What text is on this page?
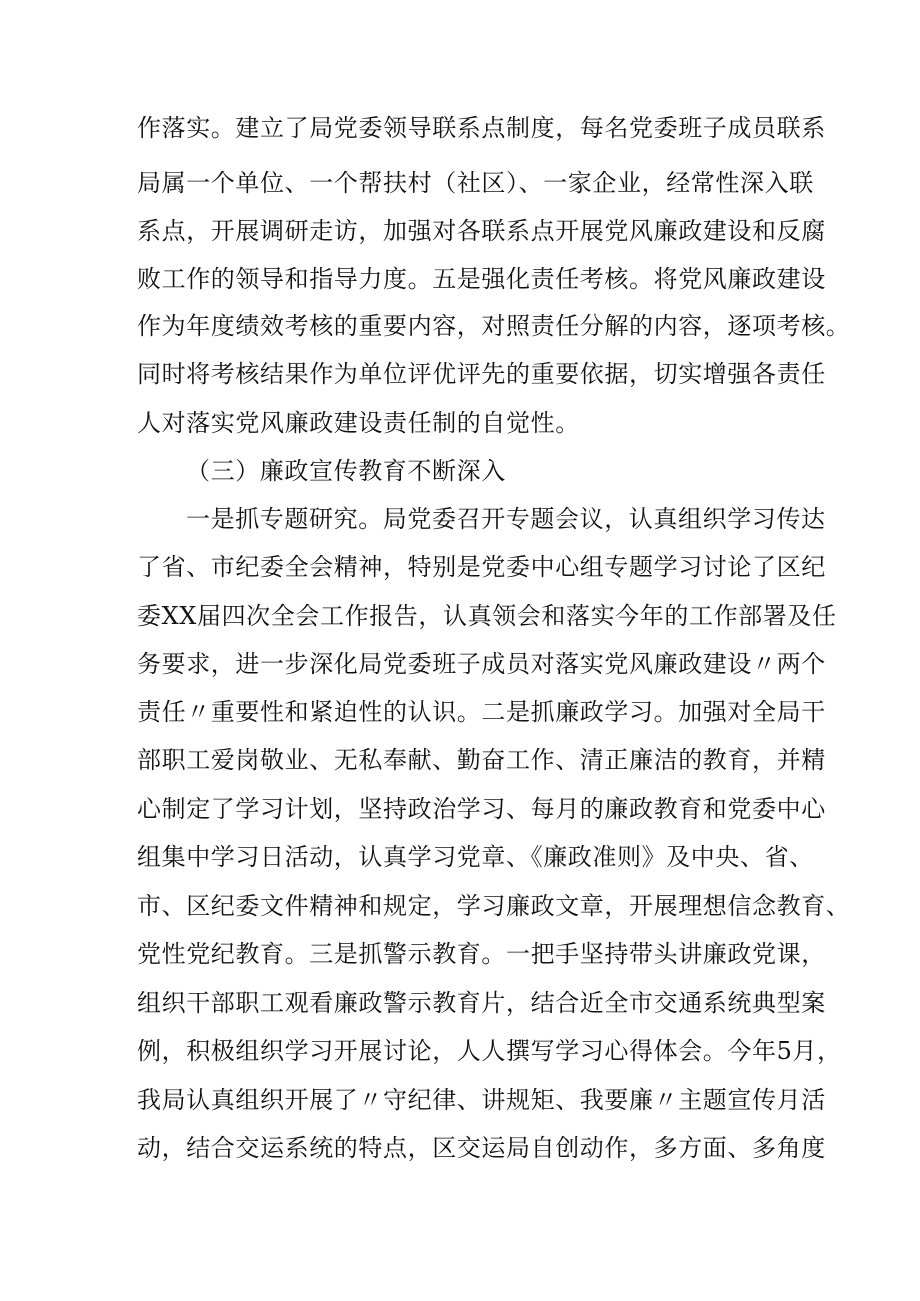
作落实。建立了局党委领导联系点制度，每名党委班子成员联系
局属一个单位、一个帮扶村（社区）、一家企业，经常性深入联
系点，开展调研走访，加强对各联系点开展党风廉政建设和反腐
败工作的领导和指导力度。五是强化责任考核。将党风廉政建设
作为年度绩效考核的重要内容，对照责任分解的内容，逐项考核。
同时将考核结果作为单位评优评先的重要依据，切实增强各责任
人对落实党风廉政建设责任制的自觉性。
（三）廉政宣传教育不断深入
一是抓专题研究。局党委召开专题会议，认真组织学习传达
了省、市纪委全会精神，特别是党委中心组专题学习讨论了区纪
委XX届四次全会工作报告，认真领会和落实今年的工作部署及任
务要求，进一步深化局党委班子成员对落实党风廉政建设〃两个
责任〃重要性和紧迫性的认识。二是抓廉政学习。加强对全局干
部职工爱岗敬业、无私奉献、勤奋工作、清正廉洁的教育，并精
心制定了学习计划，坚持政治学习、每月的廉政教育和党委中心
组集中学习日活动，认真学习党章、《廉政准则》及中央、省、
市、区纪委文件精神和规定，学习廉政文章，开展理想信念教育、
党性党纪教育。三是抓警示教育。一把手坚持带头讲廉政党课，
组织干部职工观看廉政警示教育片，结合近全市交通系统典型案
例，积极组织学习开展讨论，人人撰写学习心得体会。今年5月，
我局认真组织开展了〃守纪律、讲规矩、我要廉〃主题宣传月活
动，结合交运系统的特点，区交运局自创动作，多方面、多角度
